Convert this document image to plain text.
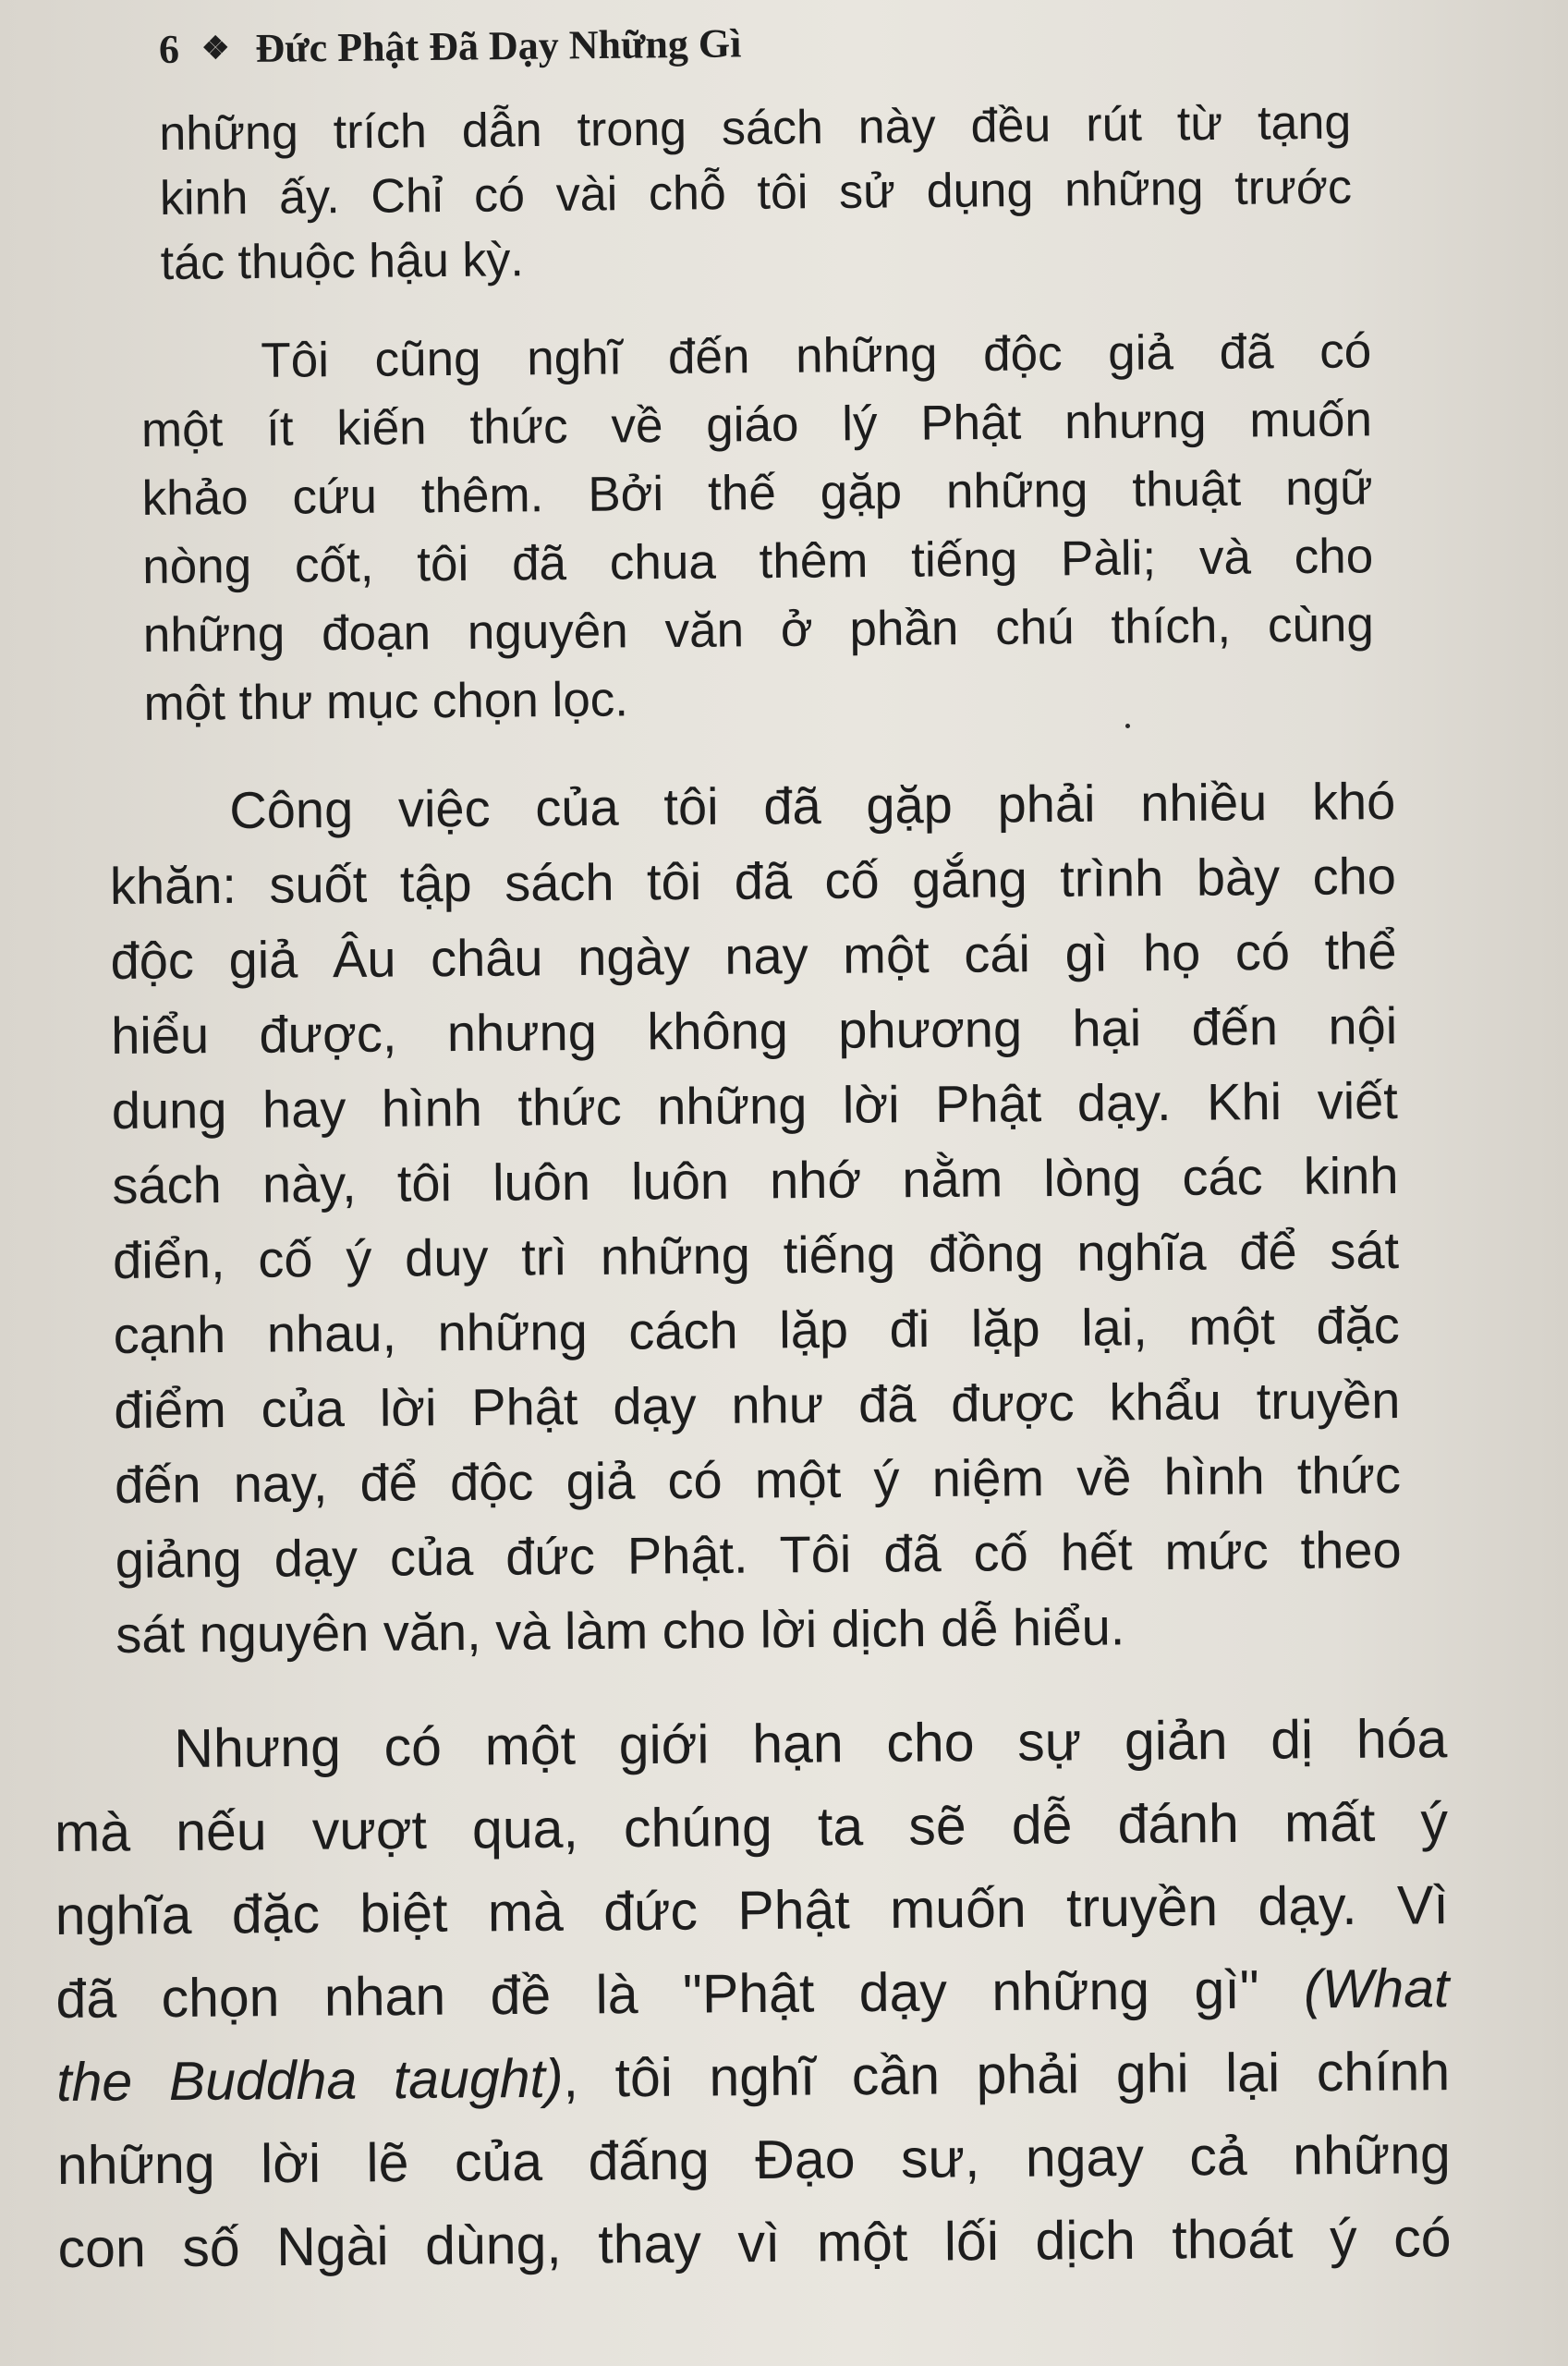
6 ❖ Đức Phật Đã Dạy Những Gì
những trích dẫn trong sách này đều rút từ tạng
kinh ấy. Chỉ có vài chỗ tôi sử dụng những trước
tác thuộc hậu kỳ.
Tôi cũng nghĩ đến những độc giả đã có
một ít kiến thức về giáo lý Phật nhưng muốn
khảo cứu thêm. Bởi thế gặp những thuật ngữ
nòng cốt, tôi đã chua thêm tiếng Pàli; và cho
những đoạn nguyên văn ở phần chú thích, cùng
một thư mục chọn lọc.
Công việc của tôi đã gặp phải nhiều khó
khăn: suốt tập sách tôi đã cố gắng trình bày cho
độc giả Âu châu ngày nay một cái gì họ có thể
hiểu được, nhưng không phương hại đến nội
dung hay hình thức những lời Phật dạy. Khi viết
sách này, tôi luôn luôn nhớ nằm lòng các kinh
điển, cố ý duy trì những tiếng đồng nghĩa để sát
cạnh nhau, những cách lặp đi lặp lại, một đặc
điểm của lời Phật dạy như đã được khẩu truyền
đến nay, để độc giả có một ý niệm về hình thức
giảng dạy của đức Phật. Tôi đã cố hết mức theo
sát nguyên văn, và làm cho lời dịch dễ hiểu.
Nhưng có một giới hạn cho sự giản dị hóa
mà nếu vượt qua, chúng ta sẽ dễ đánh mất ý
nghĩa đặc biệt mà đức Phật muốn truyền dạy. Vì
đã chọn nhan đề là "Phật dạy những gì" (What
the Buddha taught), tôi nghĩ cần phải ghi lại chính
những lời lẽ của đấng Đạo sư, ngay cả những
con số Ngài dùng, thay vì một lối dịch thoát ý có
